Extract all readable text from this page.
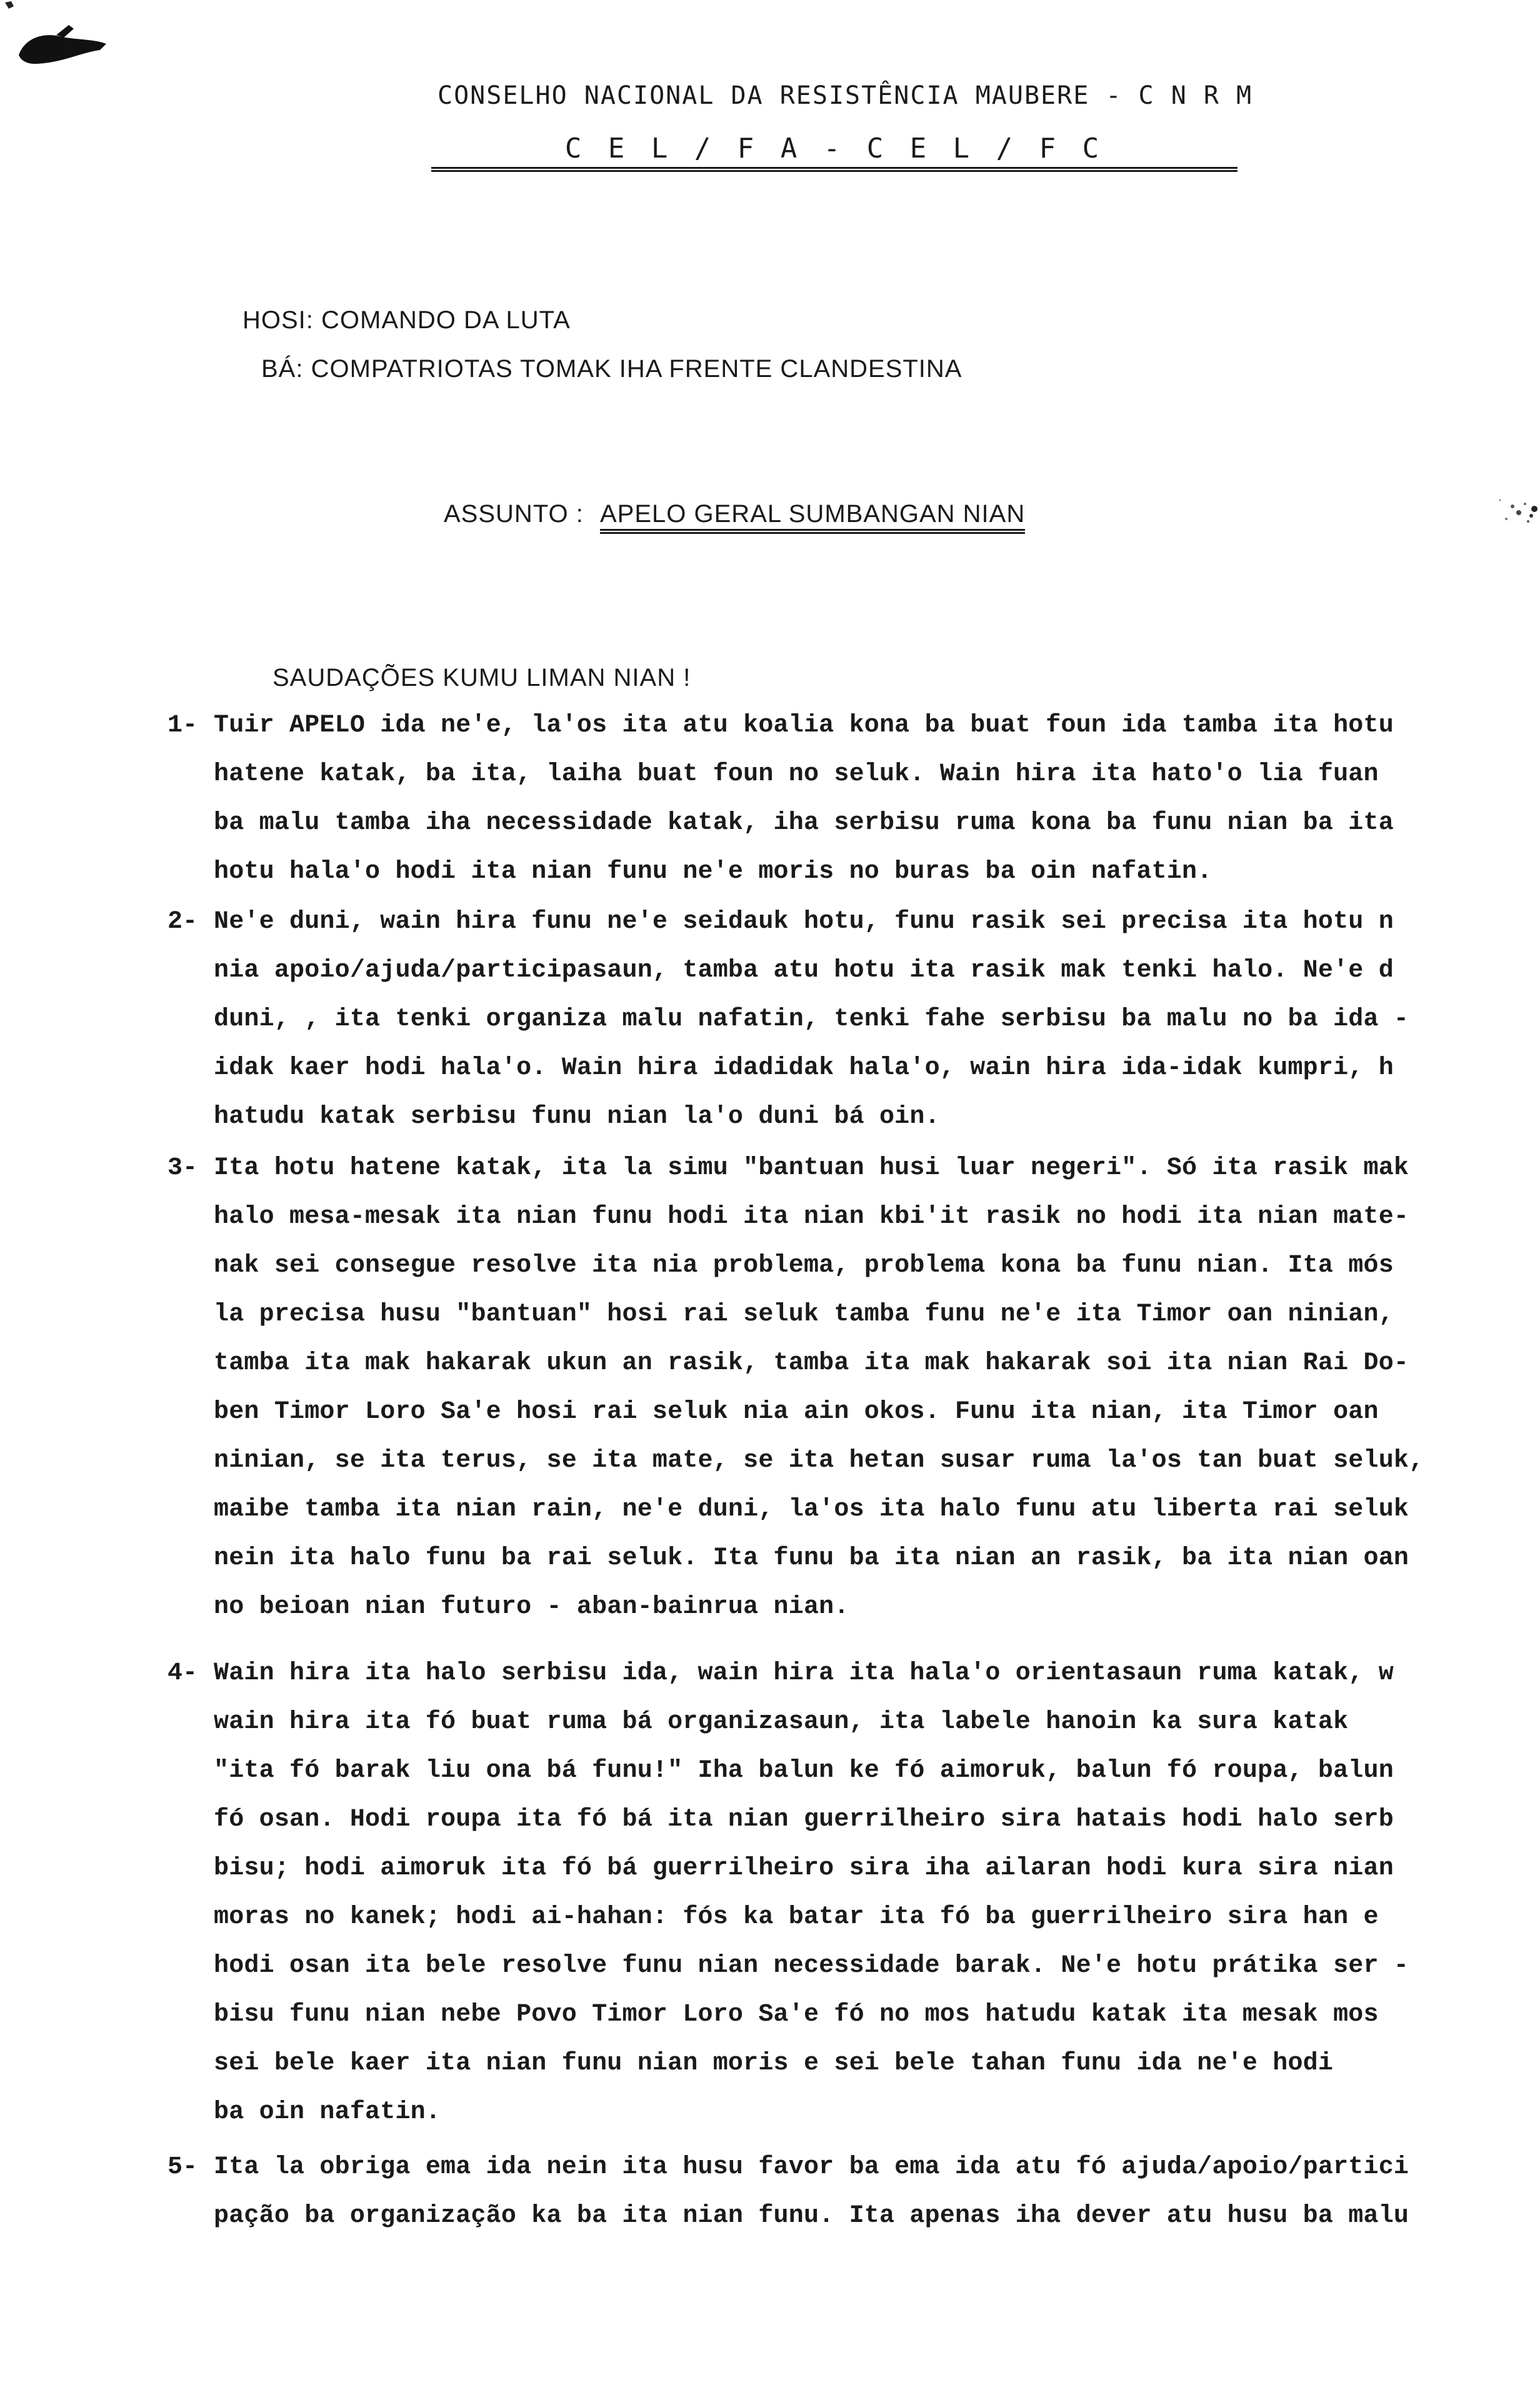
CONSELHO NACIONAL DA RESISTÊNCIA MAUBERE - C N R M
C E L / F A - C E L / F C
HOSI: COMANDO DA LUTA
BÁ: COMPATRIOTAS TOMAK IHA FRENTE CLANDESTINA
ASSUNTO : APELO GERAL SUMBANGAN NIAN
SAUDAÇÕES KUMU LIMAN NIAN !
1- Tuir APELO ida ne'e, la'os ita atu koalia kona ba buat foun ida tamba ita hotu
hatene katak, ba ita, laiha buat foun no seluk. Wain hira ita hato'o lia fuan
ba malu tamba iha necessidade katak, iha serbisu ruma kona ba funu nian ba ita
hotu hala'o hodi ita nian funu ne'e moris no buras ba oin nafatin.
2- Ne'e duni, wain hira funu ne'e seidauk hotu, funu rasik sei precisa ita hotu n
nia apoio/ajuda/participasaun, tamba atu hotu ita rasik mak tenki halo. Ne'e d
duni, , ita tenki organiza malu nafatin, tenki fahe serbisu ba malu no ba ida -
idak kaer hodi hala'o. Wain hira idadidak hala'o, wain hira ida-idak kumpri, h
hatudu katak serbisu funu nian la'o duni bá oin.
3- Ita hotu hatene katak, ita la simu "bantuan husi luar negeri". Só ita rasik mak
halo mesa-mesak ita nian funu hodi ita nian kbi'it rasik no hodi ita nian mate-
nak sei consegue resolve ita nia problema, problema kona ba funu nian. Ita mós
la precisa husu "bantuan" hosi rai seluk tamba funu ne'e ita Timor oan ninian,
tamba ita mak hakarak ukun an rasik, tamba ita mak hakarak soi ita nian Rai Do-
ben Timor Loro Sa'e hosi rai seluk nia ain okos. Funu ita nian, ita Timor oan
ninian, se ita terus, se ita mate, se ita hetan susar ruma la'os tan buat seluk,
maibe tamba ita nian rain, ne'e duni, la'os ita halo funu atu liberta rai seluk
nein ita halo funu ba rai seluk. Ita funu ba ita nian an rasik, ba ita nian oan
no beioan nian futuro - aban-bainrua nian.
4- Wain hira ita halo serbisu ida, wain hira ita hala'o orientasaun ruma katak, w
wain hira ita fó buat ruma bá organizasaun, ita labele hanoin ka sura katak
"ita fó barak liu ona bá funu!" Iha balun ke fó aimoruk, balun fó roupa, balun
fó osan. Hodi roupa ita fó bá ita nian guerrilheiro sira hatais hodi halo serb
bisu; hodi aimoruk ita fó bá guerrilheiro sira iha ailaran hodi kura sira nian
moras no kanek; hodi ai-hahan: fós ka batar ita fó ba guerrilheiro sira han e
hodi osan ita bele resolve funu nian necessidade barak. Ne'e hotu prátika ser -
bisu funu nian nebe Povo Timor Loro Sa'e fó no mos hatudu katak ita mesak mos
sei bele kaer ita nian funu nian moris e sei bele tahan funu ida ne'e hodi
ba oin nafatin.
5- Ita la obriga ema ida nein ita husu favor ba ema ida atu fó ajuda/apoio/partici
pação ba organização ka ba ita nian funu. Ita apenas iha dever atu husu ba malu
